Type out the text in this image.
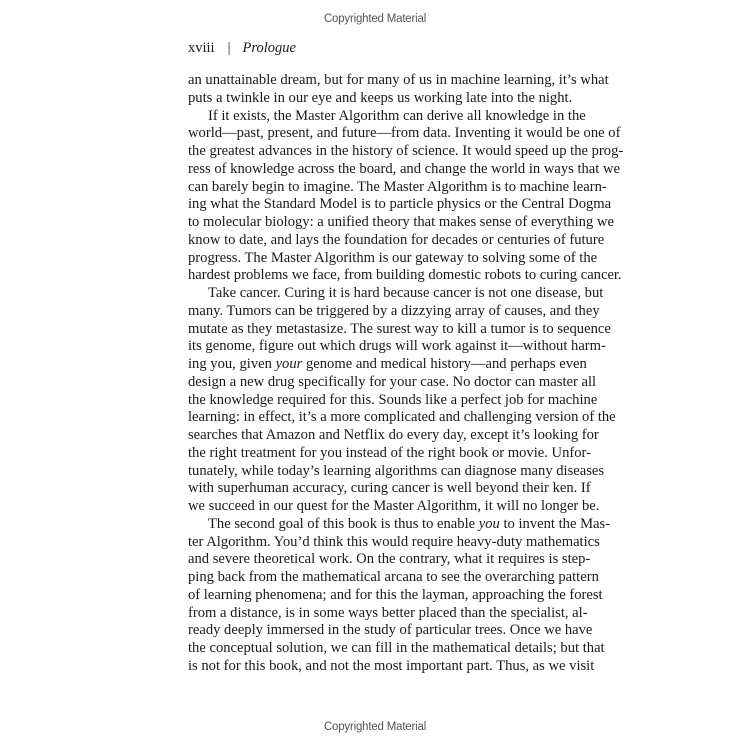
Copyrighted Material
xviii | Prologue
an unattainable dream, but for many of us in machine learning, it’s what
puts a twinkle in our eye and keeps us working late into the night.
If it exists, the Master Algorithm can derive all knowledge in the
world—past, present, and future—from data. Inventing it would be one of
the greatest advances in the history of science. It would speed up the prog-
ress of knowledge across the board, and change the world in ways that we
can barely begin to imagine. The Master Algorithm is to machine learn-
ing what the Standard Model is to particle physics or the Central Dogma
to molecular biology: a unified theory that makes sense of everything we
know to date, and lays the foundation for decades or centuries of future
progress. The Master Algorithm is our gateway to solving some of the
hardest problems we face, from building domestic robots to curing cancer.
Take cancer. Curing it is hard because cancer is not one disease, but
many. Tumors can be triggered by a dizzying array of causes, and they
mutate as they metastasize. The surest way to kill a tumor is to sequence
its genome, figure out which drugs will work against it—without harm-
ing you, given your genome and medical history—and perhaps even
design a new drug specifically for your case. No doctor can master all
the knowledge required for this. Sounds like a perfect job for machine
learning: in effect, it’s a more complicated and challenging version of the
searches that Amazon and Netflix do every day, except it’s looking for
the right treatment for you instead of the right book or movie. Unfor-
tunately, while today’s learning algorithms can diagnose many diseases
with superhuman accuracy, curing cancer is well beyond their ken. If
we succeed in our quest for the Master Algorithm, it will no longer be.
The second goal of this book is thus to enable you to invent the Mas-
ter Algorithm. You’d think this would require heavy-duty mathematics
and severe theoretical work. On the contrary, what it requires is step-
ping back from the mathematical arcana to see the overarching pattern
of learning phenomena; and for this the layman, approaching the forest
from a distance, is in some ways better placed than the specialist, al-
ready deeply immersed in the study of particular trees. Once we have
the conceptual solution, we can fill in the mathematical details; but that
is not for this book, and not the most important part. Thus, as we visit
Copyrighted Material
